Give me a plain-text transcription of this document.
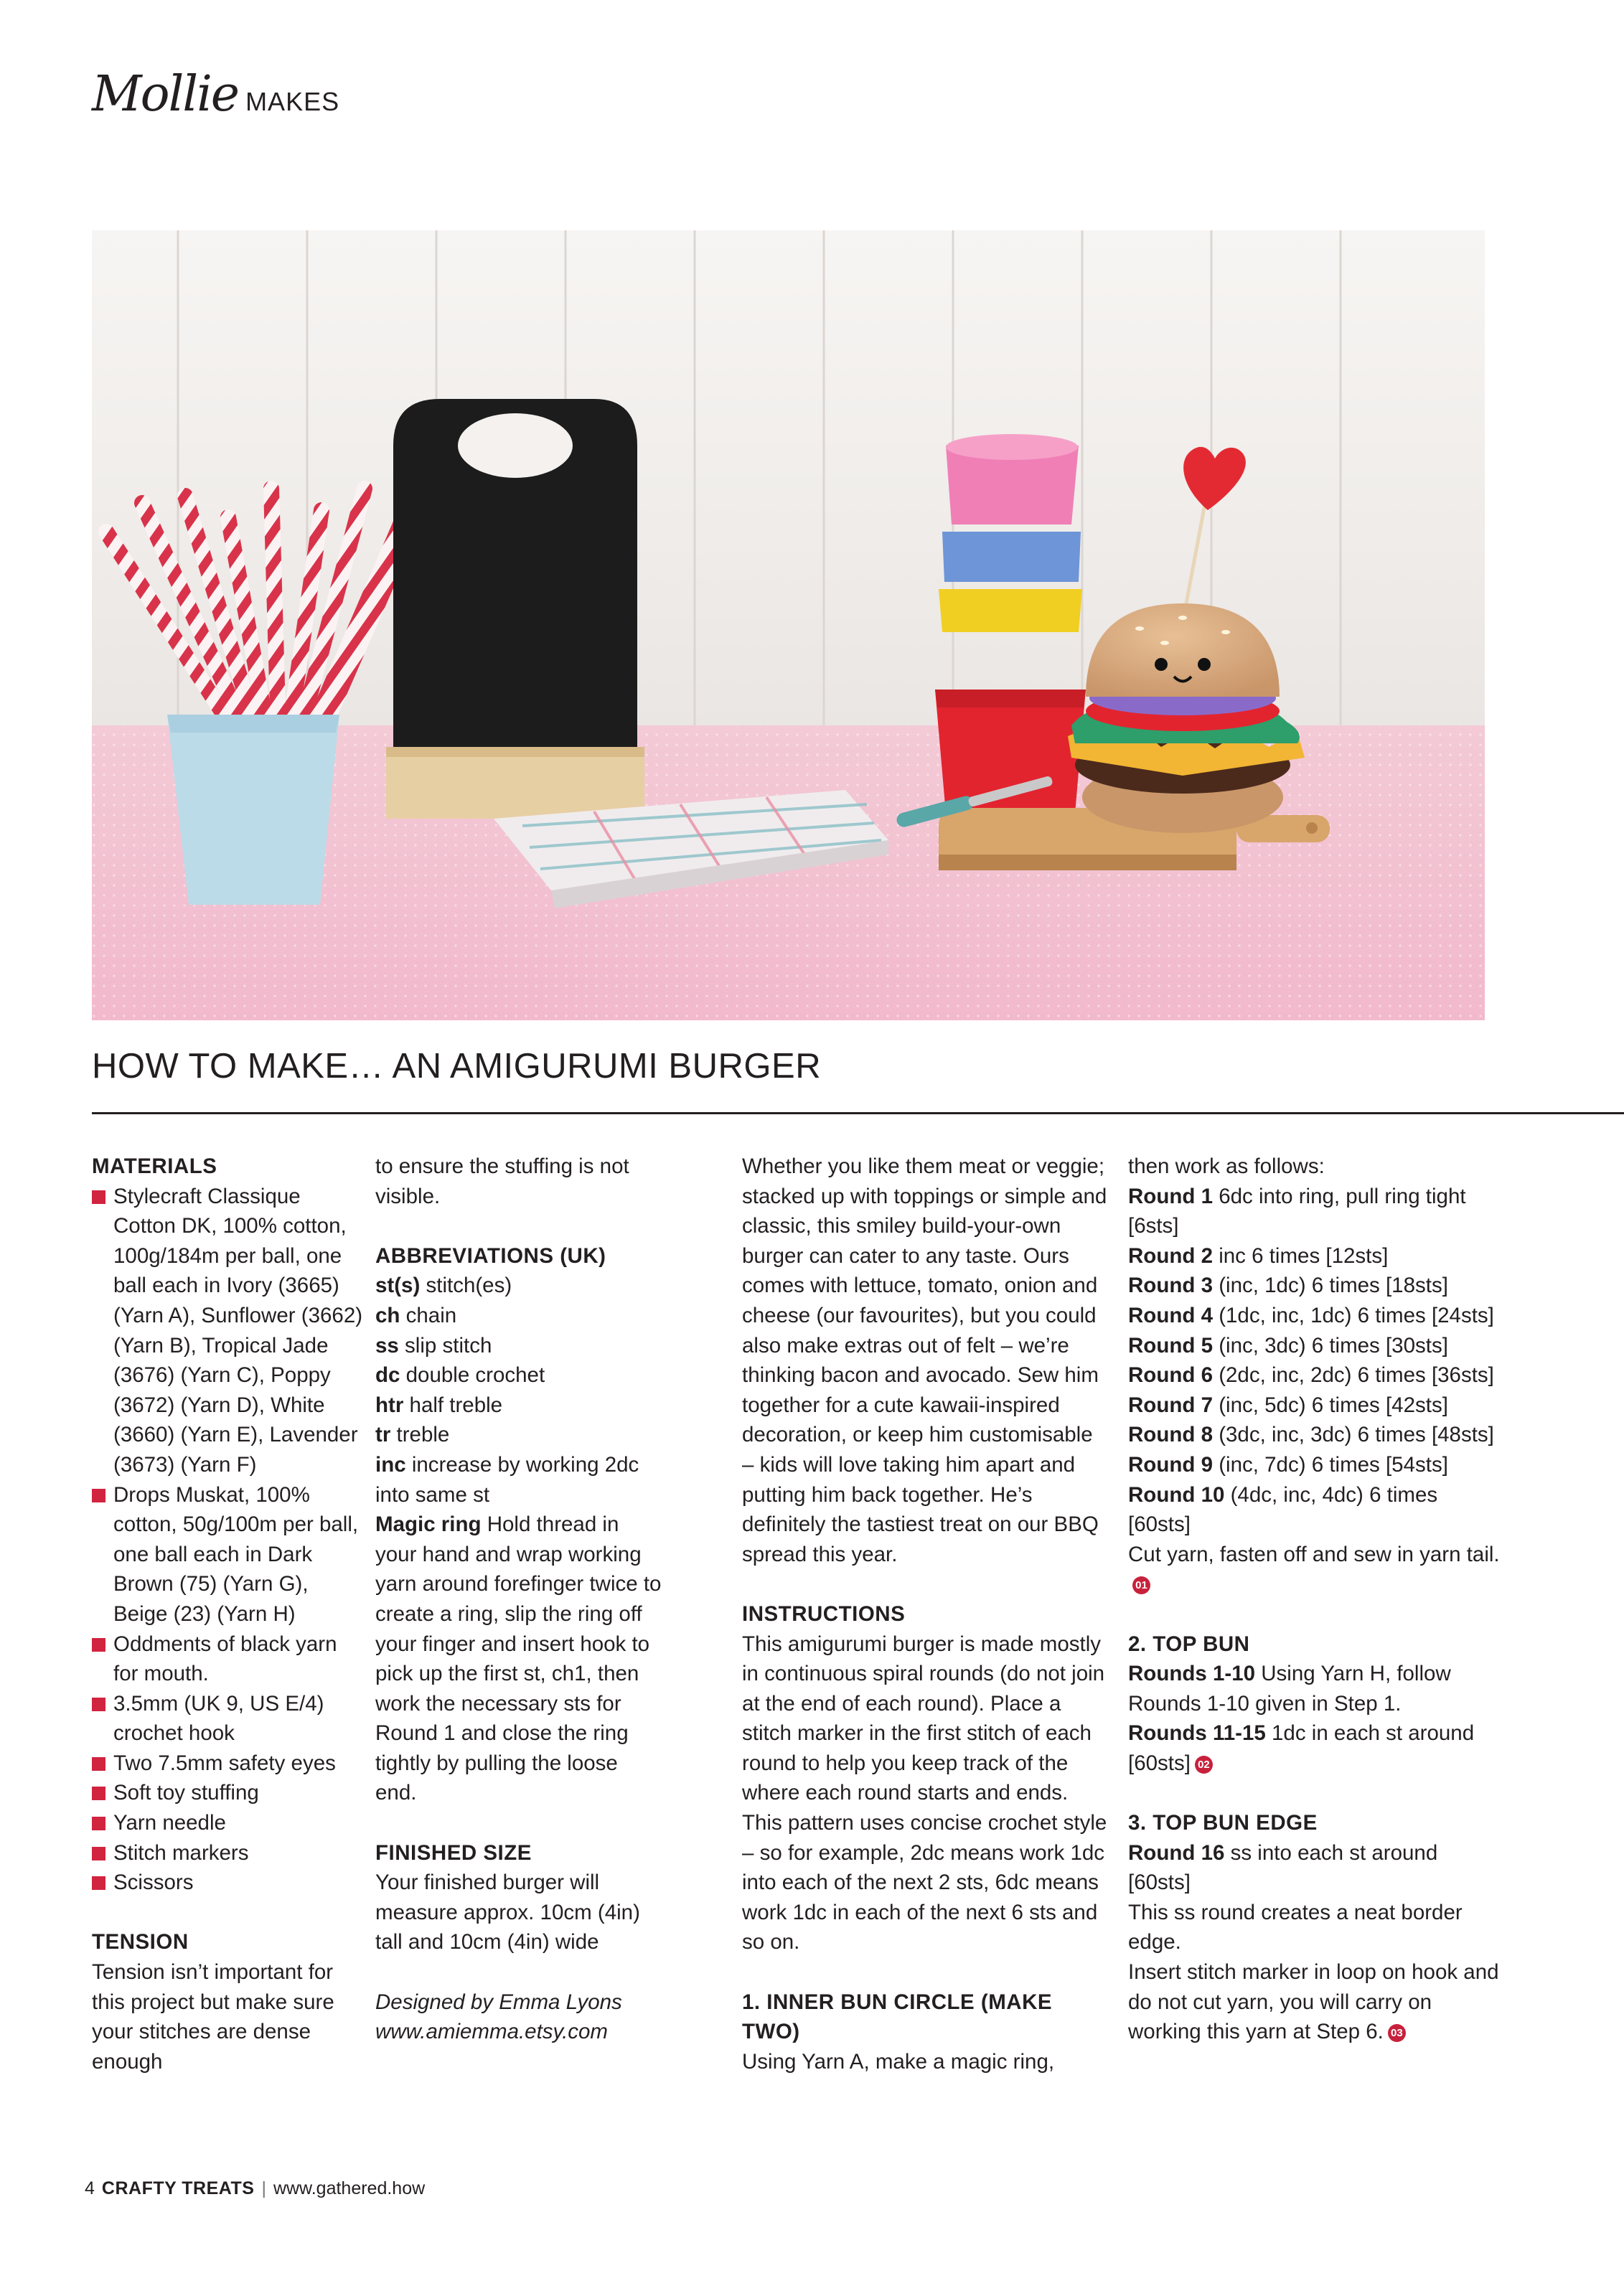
Mollie MAKES
HOW TO MAKE… AN AMIGURUMI BURGER

MATERIALS

Stylecraft Classique Cotton DK, 100% cotton, 100g/184m per ball, one ball each in Ivory (3665) (Yarn A), Sunflower (3662) (Yarn B), Tropical Jade (3676) (Yarn C), Poppy (3672) (Yarn D), White (3660) (Yarn E), Lavender (3673) (Yarn F)

Drops Muskat, 100% cotton, 50g/100m per ball, one ball each in Dark Brown (75) (Yarn G), Beige (23) (Yarn H)

Oddments of black yarn for mouth.

3.5mm (UK 9, US E/4) crochet hook

Two 7.5mm safety eyes

Soft toy stuffing

Yarn needle

Stitch markers

Scissors

TENSION

Tension isn’t important for this project but make sure your stitches are dense enough

to ensure the stuffing is not visible.

ABBREVIATIONS (UK)

st(s) stitch(es)

ch chain

ss slip stitch

dc double crochet

htr half treble

tr treble

inc increase by working 2dc into same st

Magic ring Hold thread in your hand and wrap working yarn around forefinger twice to create a ring, slip the ring off your finger and insert hook to pick up the first st, ch1, then work the necessary sts for Round 1 and close the ring tightly by pulling the loose end.

FINISHED SIZE

Your finished burger will measure approx. 10cm (4in) tall and 10cm (4in) wide

Designed by Emma Lyons

www.amiemma.etsy.com

Whether you like them meat or veggie; stacked up with toppings or simple and classic, this smiley build-your-own burger can cater to any taste. Ours comes with lettuce, tomato, onion and cheese (our favourites), but you could also make extras out of felt – we’re thinking bacon and avocado. Sew him together for a cute kawaii-inspired decoration, or keep him customisable – kids will love taking him apart and putting him back together. He’s definitely the tastiest treat on our BBQ spread this year.

INSTRUCTIONS

This amigurumi burger is made mostly in continuous spiral rounds (do not join at the end of each round). Place a stitch marker in the first stitch of each round to help you keep track of the where each round starts and ends. This pattern uses concise crochet style – so for example, 2dc means work 1dc into each of the next 2 sts, 6dc means work 1dc in each of the next 6 sts and so on.

1. INNER BUN CIRCLE (MAKE TWO)

Using Yarn A, make a magic ring,

then work as follows:

Round 1 6dc into ring, pull ring tight [6sts]

Round 2 inc 6 times [12sts]

Round 3 (inc, 1dc) 6 times [18sts]

Round 4 (1dc, inc, 1dc) 6 times [24sts]

Round 5 (inc, 3dc) 6 times [30sts]

Round 6 (2dc, inc, 2dc) 6 times [36sts]

Round 7 (inc, 5dc) 6 times [42sts]

Round 8 (3dc, inc, 3dc) 6 times [48sts]

Round 9 (inc, 7dc) 6 times [54sts]

Round 10 (4dc, inc, 4dc) 6 times [60sts]

Cut yarn, fasten off and sew in yarn tail.01

2. TOP BUN

Rounds 1-10 Using Yarn H, follow Rounds 1-10 given in Step 1.

Rounds 11-15 1dc in each st around [60sts] 02

3. TOP BUN EDGE

Round 16 ss into each st around [60sts]

This ss round creates a neat border edge.

Insert stitch marker in loop on hook and do not cut yarn, you will carry on working this yarn at Step 6. 03

4 CRAFTY TREATS | www.gathered.how
